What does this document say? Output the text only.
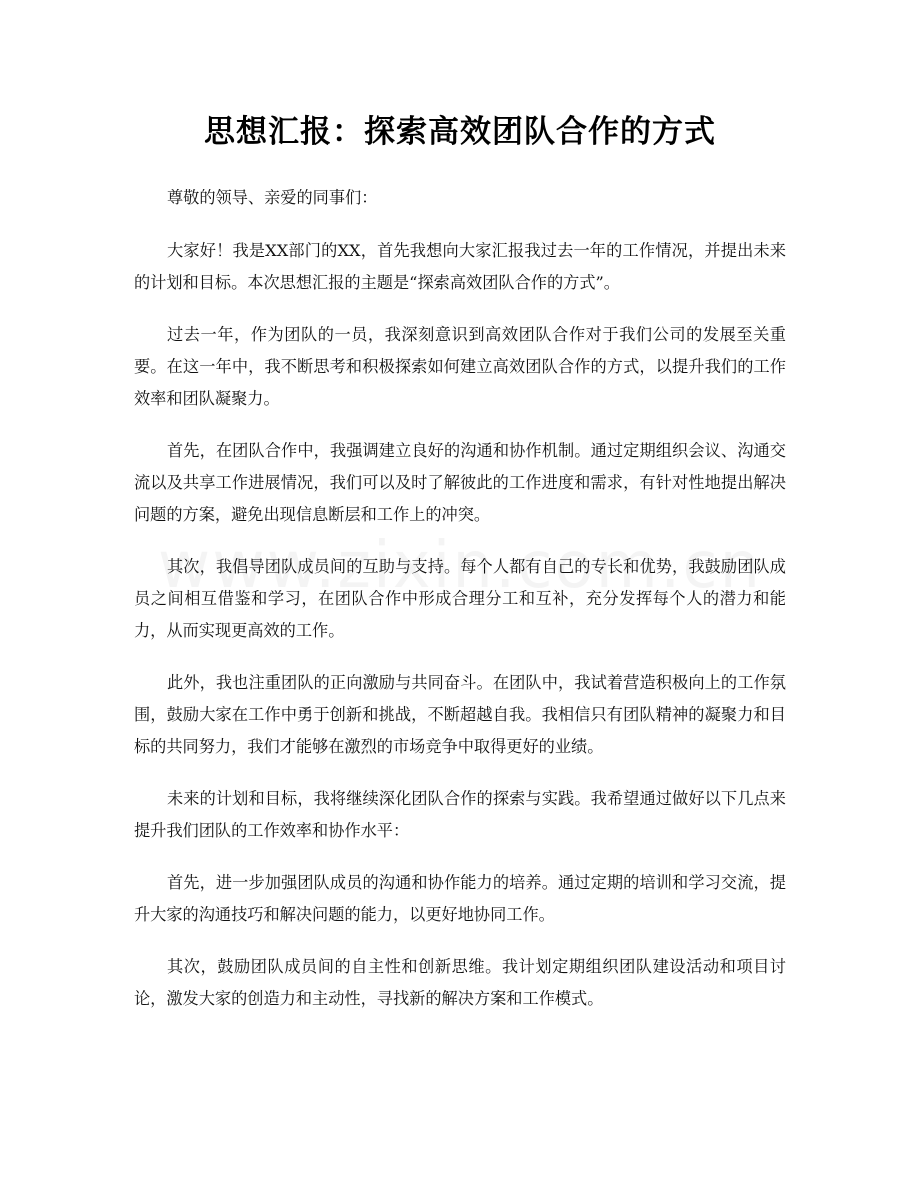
思想汇报：探索高效团队合作的方式

尊敬的领导、亲爱的同事们：

大家好！我是XX部门的XX，首先我想向大家汇报我过去一年的工作情况，并提出未来的计划和目标。本次思想汇报的主题是“探索高效团队合作的方式”。

过去一年，作为团队的一员，我深刻意识到高效团队合作对于我们公司的发展至关重要。在这一年中，我不断思考和积极探索如何建立高效团队合作的方式，以提升我们的工作效率和团队凝聚力。

首先，在团队合作中，我强调建立良好的沟通和协作机制。通过定期组织会议、沟通交流以及共享工作进展情况，我们可以及时了解彼此的工作进度和需求，有针对性地提出解决问题的方案，避免出现信息断层和工作上的冲突。

其次，我倡导团队成员间的互助与支持。每个人都有自己的专长和优势，我鼓励团队成员之间相互借鉴和学习，在团队合作中形成合理分工和互补，充分发挥每个人的潜力和能力，从而实现更高效的工作。

此外，我也注重团队的正向激励与共同奋斗。在团队中，我试着营造积极向上的工作氛围，鼓励大家在工作中勇于创新和挑战，不断超越自我。我相信只有团队精神的凝聚力和目标的共同努力，我们才能够在激烈的市场竞争中取得更好的业绩。

未来的计划和目标，我将继续深化团队合作的探索与实践。我希望通过做好以下几点来提升我们团队的工作效率和协作水平：

首先，进一步加强团队成员的沟通和协作能力的培养。通过定期的培训和学习交流，提升大家的沟通技巧和解决问题的能力，以更好地协同工作。

其次，鼓励团队成员间的自主性和创新思维。我计划定期组织团队建设活动和项目讨论，激发大家的创造力和主动性，寻找新的解决方案和工作模式。
